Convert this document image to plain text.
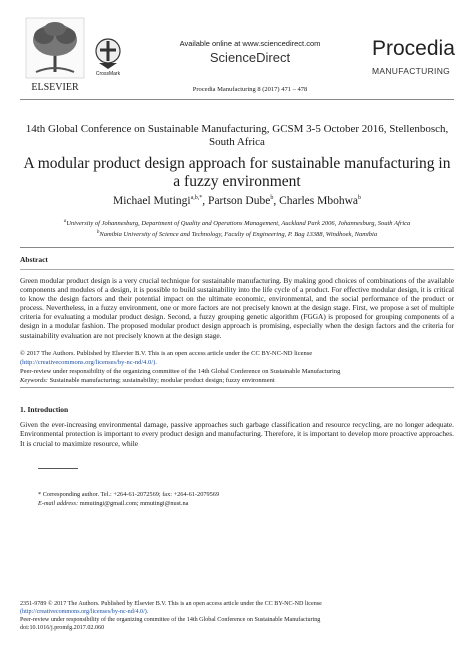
ELSEVIER
CrossMark
Available online at www.sciencedirect.com
ScienceDirect
Procedia Manufacturing 8 (2017) 471 – 478
Procedia
MANUFACTURING
14th Global Conference on Sustainable Manufacturing, GCSM 3-5 October 2016, Stellenbosch, South Africa
A modular product design approach for sustainable manufacturing in a fuzzy environment
Michael Mutingi$^{a,b,*}$, Partson Dube$^b$, Charles Mbohwa$^b$
$^a$University of Johannesburg, Department of Quality and Operations Management, Auckland Park 2006, Johannesburg, South Africa
$^b$Namibia University of Science and Technology, Faculty of Engineering, P. Bag 13388, Windhoek, Namibia
Abstract
Green modular product design is a very crucial technique for sustainable manufacturing. By making good choices of combinations of the available components and modules of a design, it is possible to build sustainability into the life cycle of a product. For effective modular design, it is critical to know the design factors and their potential impact on the ultimate economic, environmental, and the social performance of the product or process. Nevertheless, in a fuzzy environment, one or more factors are not precisely known at the design stage. First, we propose a set of multiple criteria for evaluating a modular product design. Second, a fuzzy grouping genetic algorithm (FGGA) is proposed for grouping components of a design in a modular fashion. The proposed modular product design approach is promising, especially when the design factors and the criteria for sustainability evaluation are not precisely known at the design stage.
© 2017 The Authors. Published by Elsevier B.V. This is an open access article under the CC BY-NC-ND license
(http://creativecommons.org/licenses/by-nc-nd/4.0/).
Peer-review under responsibility of the organizing committee of the 14th Global Conference on Sustainable Manufacturing
Keywords: Sustainable manufacturing; sustainability; modular product design; fuzzy environment
1. Introduction
Given the ever-increasing environmental damage, passive approaches such garbage classification and resource recycling, are no longer adequate. Environmental protection is important to every product design and manufacturing. Therefore, it is important to develop more proactive approaches. It is crucial to maximize resource, while
* Corresponding author. Tel.: +264-61-2072569; fax: +264-61-2079569
E-mail address: mmutingi@gmail.com; mmutingi@nust.na
2351-9789 © 2017 The Authors. Published by Elsevier B.V. This is an open access article under the CC BY-NC-ND license
(http://creativecommons.org/licenses/by-nc-nd/4.0/).
Peer-review under responsibility of the organizing committee of the 14th Global Conference on Sustainable Manufacturing
doi:10.1016/j.promfg.2017.02.060
